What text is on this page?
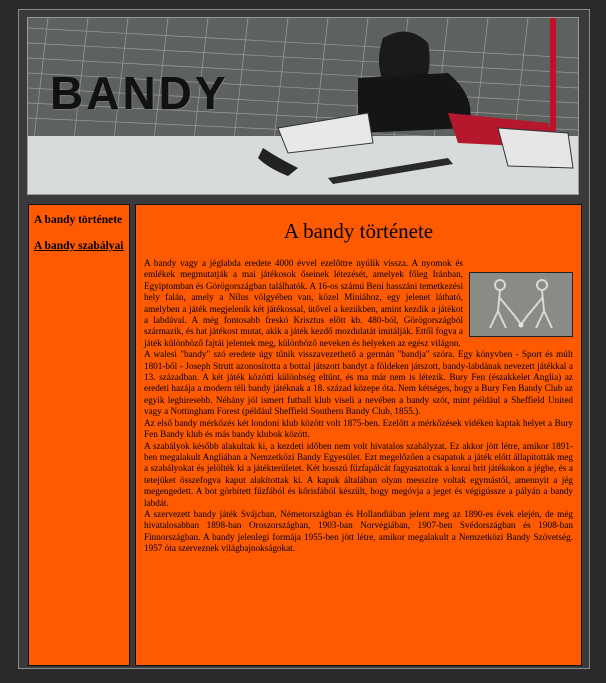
BANDY
A bandy története
A bandy szabályai
A bandy története

A bandy vagy a jéglabda eredete 4000 évvel ezelőttre nyúlik vissza. A nyomok és emlékek megmutatják a mai játékosok őseinek létezését, amelyek főleg Iránban, Egyiptomban és Görögországban találhatók. A 16-os számú Beni hasszáni temetkezési hely falán, amely a Nílus völgyében van, közel Miniához, egy jelenet látható, amelyben a játék megjelenik két játékossal, ütővel a kezükben, amint kezdik a játékot a labdával. A még fontosabb freskó Krisztus előtt kb. 480-ból, Görögországból származik, és hat játékost mutat, akik a játék kezdő mozdulatát imitálják. Ettől fogva a játék különböző fajtái jelentek meg, különböző neveken és helyeken az egész világon.

A walesi "bandy" szó eredete úgy tűnik visszavezethető a germán "bandja" szóra. Egy könyvben - Sport és múlt 1801-ből - Joseph Strutt azonosította a bottal játszott bandyt a földeken játszott, bandy-labdának nevezett játékkal a 13. században. A két játék közötti különbség eltűnt, és ma már nem is létezik. Bury Fen (északkelet Anglia) az eredeti hazája a modern téli bandy játéknak a 18. század közepe óta. Nem kétséges, hogy a Bury Fen Bandy Club az egyik leghíresebb. Néhány jól ismert futball klub viseli a nevében a bandy szót, mint például a Sheffield United vagy a Nottingham Forest (például Sheffield Southern Bandy Club, 1855.).

Az első bandy mérkőzés két londoni klub között volt 1875-ben. Ezelőtt a mérkőzések vidéken kaptak helyet a Bury Fen Bandy klub és más bandy klubok között.

A szabályok később alakultak ki, a kezdeti időben nem volt hivatalos szabályzat. Ez akkor jött létre, amikor 1891-ben megalakult Angliában a Nemzetközi Bandy Egyesület. Ezt megelőzően a csapatok a játék előtt állapították meg a szabályokat és jelölték ki a játékterületet. Két hosszú fűzfapálcát fagyasztottak a korai brit játékokon a jégbe, és a tetejüket összefogva kaput alakítottak ki. A kapuk általában olyan messzire voltak egymástól, amennyit a jég megengedett. A bot görbített fűzfából és kőrisfából készült, hogy megóvja a jeget és végigússze a pályán a bandy labdát.

A szervezett bandy játék Svájcban, Németországban és Hollandiában jelent meg az 1890-es évek elején, de még hivatalosabban 1898-ban Oroszországban, 1903-ban Norvégiában, 1907-ben Svédországban és 1908-ban Finnországban. A bandy jelenlegi formája 1955-ben jött létre, amikor megalakult a Nemzetközi Bandy Szövetség. 1957 óta szerveznek világbajnokságokat.
